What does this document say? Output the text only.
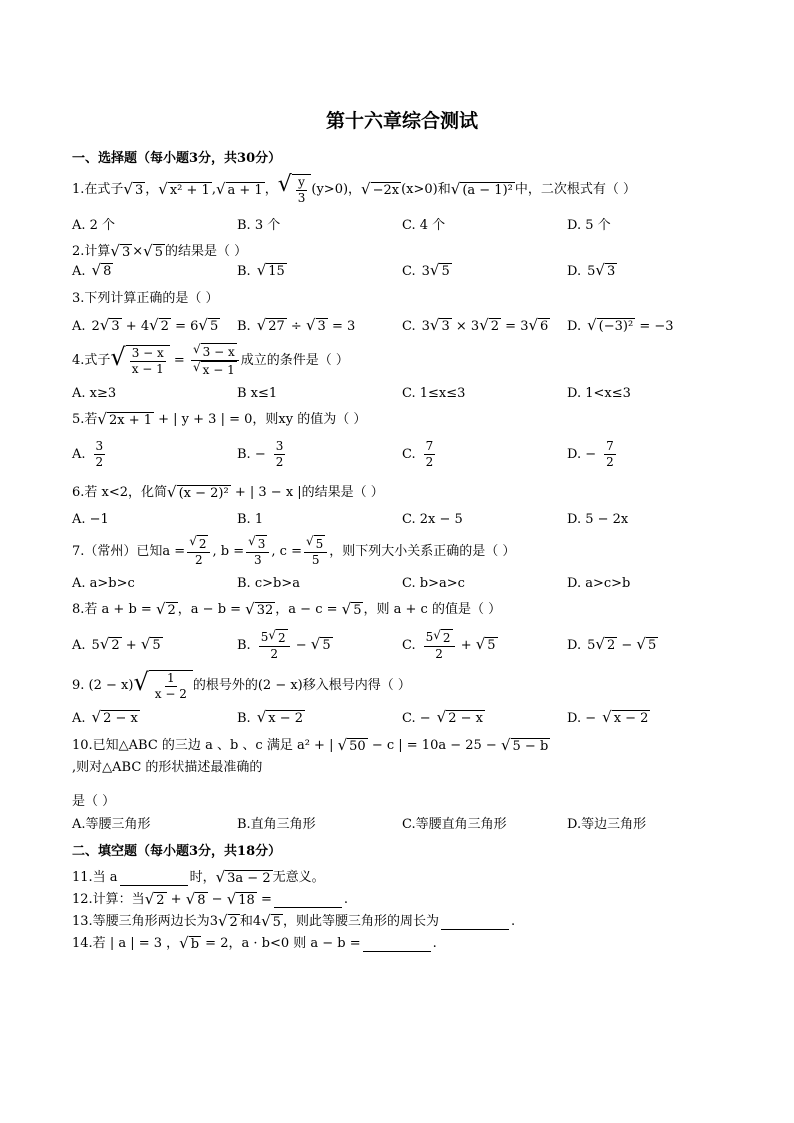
第十六章综合测试
一、选择题（每小题3分，共30分）
1.在式子 √ 3 ， √ x² + 1 , √ a + 1 ， √ $\frac{y}{3} (y>0)$， √ −2x (x>0)和 √ (a − 1)² 中，二次根式有（ ）
A. 2 个	B. 3 个	C. 4 个	D. 5 个
2.计算 √ 3 × √ 5 的结果是（ ）
A. √ 8	B. √ 15	C. 3 √ 5	D. 5 √ 3
3.下列计算正确的是（ ）
A. 2 √ 3 + 4 √ 2 = 6 √ 5 B. √ 27 ÷ √ 3 = 3	C. 3 √ 3 × 3 √ 2 = 3 √ 6 D. √ (−3)² = −3
4.式子 √ $\frac{3 - x}{x - 1} = \frac{√ 3 - x}{√ x - 1}$ 成立的条件是（ ）
A. x≥3	B x≤1	C. 1≤x≤3	D. 1<x≤3
5.若 √ 2x + 1 + | y + 3 | = 0 ，则xy 的值为（ ）
A. $\frac{3}{2}$	B. − $\frac{3}{2}$	C. $\frac{7}{2}$	D. − $\frac{7}{2}$
6.若 x<2，化简 √ (x − 2)² + | 3 − x | 的结果是（ ）
A. −1	B. 1	C. 2x − 5	D. 5 − 2x
7.（常州）已知 $a = \frac{√ 2}{2}$ , $b = \frac{√ 3}{3}$ , $c = \frac{√ 5}{5}$ ，则下列大小关系正确的是（ ）
A. a>b>c	B. c>b>a	C. b>a>c	D. a>c>b
8.若 a + b = √ 2 ，a − b = √ 32 ，a − c = √ 5 ，则 a + c 的值是（ ）
A. 5 √ 2 + √ 5	B. $\frac{5 √ 2}{2}$ − √ 5	C. $\frac{5 √ 2}{2}$ + √ 5	D. 5 √ 2 − √ 5
9. (2 − x) √ $\frac{1}{x - 2}$ 的根号外的(2 − x)移入根号内得（ ）
A. √ 2 − x	B. √ x − 2	C. − √ 2 − x	D. − √ x − 2
10.已知△ABC 的三边 a 、b 、c 满足 a² + | √ 50 − c | = 10a − 25 − √ 5 − b
,则对△ABC 的形状描述最准确的
是（ ）
A.等腰三角形	B.直角三角形	C.等腰直角三角形	D.等边三角形
二、填空题（每小题3分，共18分）
11.当 a	时， √ 3a − 2 无意义。
12.计算：当 √ 2 + √ 8 − √ 18 =	.
13.等腰三角形两边长为 3 √ 2 和 4 √ 5 ，则此等腰三角形的周长为	.
14.若 | a | = 3 ， √ b = 2 ，a · b<0 则 a − b =	.
